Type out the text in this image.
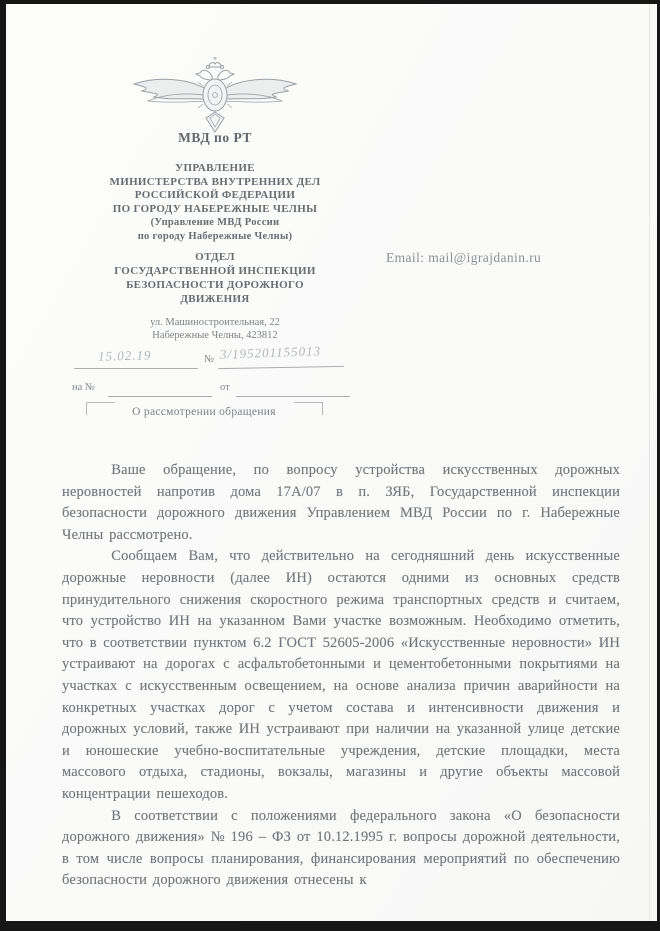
МВД по РТ
УПРАВЛЕНИЕ
МИНИСТЕРСТВА ВНУТРЕННИХ ДЕЛ
РОССИЙСКОЙ ФЕДЕРАЦИИ
ПО ГОРОДУ НАБЕРЕЖНЫЕ ЧЕЛНЫ
(Управление МВД России
по городу Набережные Челны)
ОТДЕЛ
ГОСУДАРСТВЕННОЙ ИНСПЕКЦИИ
БЕЗОПАСНОСТИ ДОРОЖНОГО
ДВИЖЕНИЯ
ул. Машиностроительная, 22
Набережные Челны, 423812
Email: mail@igrajdanin.ru
15.02.19	№ 3/195201155013
на №	от
О рассмотрении обращения

Ваше обращение, по вопросу устройства искусственных дорожных неровностей напротив дома 17А/07 в п. ЗЯБ, Государственной инспекции безопасности дорожного движения Управлением МВД России по г. Набережные Челны рассмотрено.

Сообщаем Вам, что действительно на сегодняшний день искусственные дорожные неровности (далее ИН) остаются одними из основных средств принудительного снижения скоростного режима транспортных средств и считаем, что устройство ИН на указанном Вами участке возможным. Необходимо отметить, что в соответствии пунктом 6.2 ГОСТ 52605-2006 «Искусственные неровности» ИН устраивают на дорогах с асфальтобетонными и цементобетонными покрытиями на участках с искусственным освещением, на основе анализа причин аварийности на конкретных участках дорог с учетом состава и интенсивности движения и дорожных условий, также ИН устраивают при наличии на указанной улице детские и юношеские учебно-воспитательные учреждения, детские площадки, места массового отдыха, стадионы, вокзалы, магазины и другие объекты массовой концентрации пешеходов.

В соответствии с положениями федерального закона «О безопасности дорожного движения» № 196 – ФЗ от 10.12.1995 г. вопросы дорожной деятельности, в том числе вопросы планирования, финансирования мероприятий по обеспечению безопасности дорожного движения отнесены к
